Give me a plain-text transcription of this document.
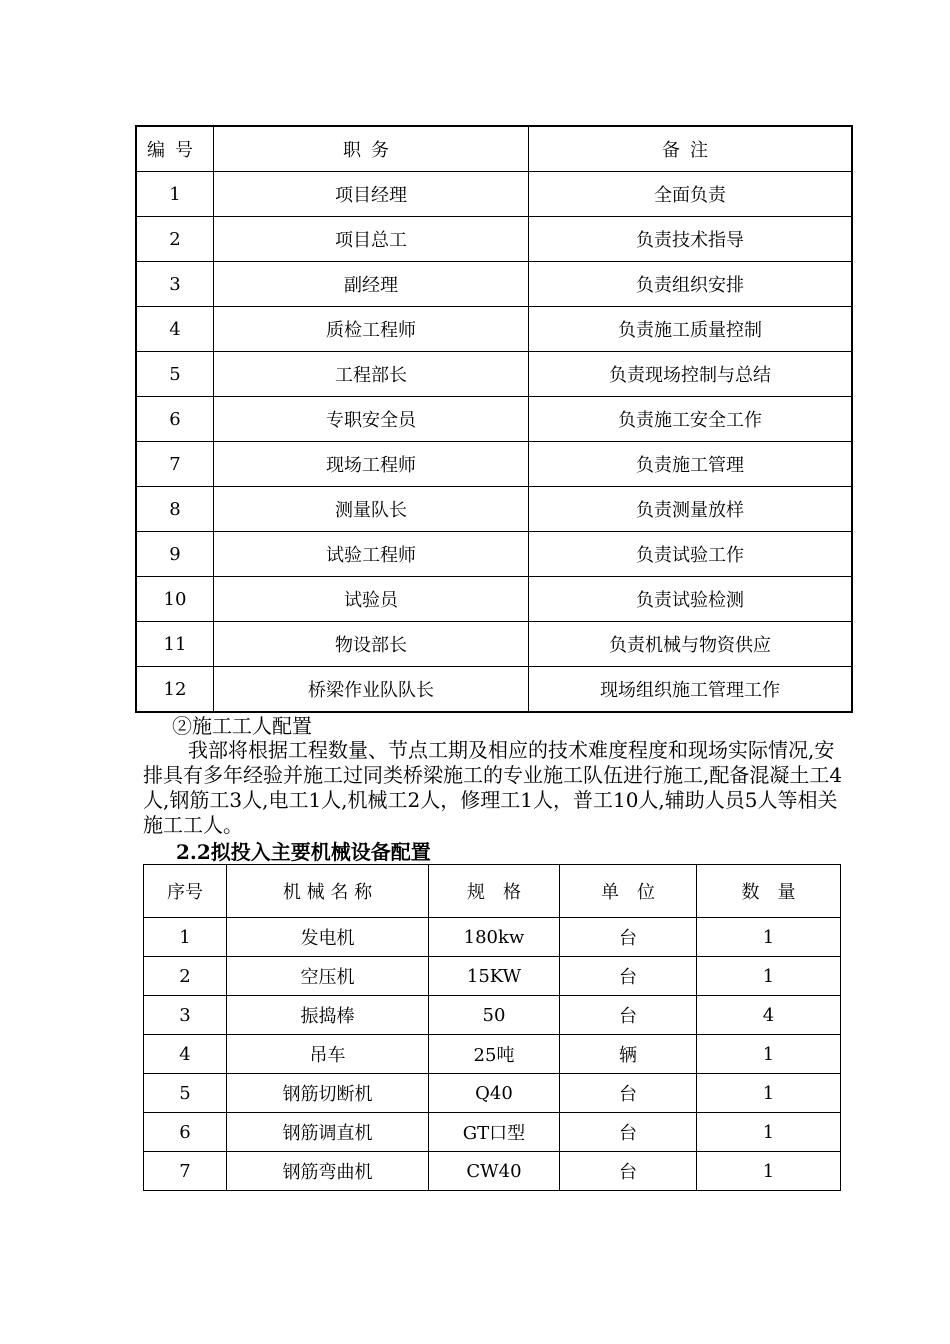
编号	职务	备注
1	项目经理	全面负责
2	项目总工	负责技术指导
3	副经理	负责组织安排
4	质检工程师	负责施工质量控制
5	工程部长	负责现场控制与总结
6	专职安全员	负责施工安全工作
7	现场工程师	负责施工管理
8	测量队长	负责测量放样
9	试验工程师	负责试验工作
10	试验员	负责试验检测
11	物设部长	负责机械与物资供应
12	桥梁作业队队长	现场组织施工管理工作
②施工工人配置
我部将根据工程数量、节点工期及相应的技术难度程度和现场实际情况,安排具有多年经验并施工过同类桥梁施工的专业施工队伍进行施工,配备混凝土工4人,钢筋工3人,电工1人,机械工2人，修理工1人，普工10人,辅助人员5人等相关施工工人。
2.2拟投入主要机械设备配置
序号	机 械 名 称	规　格	单　位	数　量
1	发电机	180kw	台	1
2	空压机	15KW	台	1
3	振捣棒	50	台	4
4	吊车	25吨	辆	1
5	钢筋切断机	Q40	台	1
6	钢筋调直机	GT口型	台	1
7	钢筋弯曲机	CW40	台	1
